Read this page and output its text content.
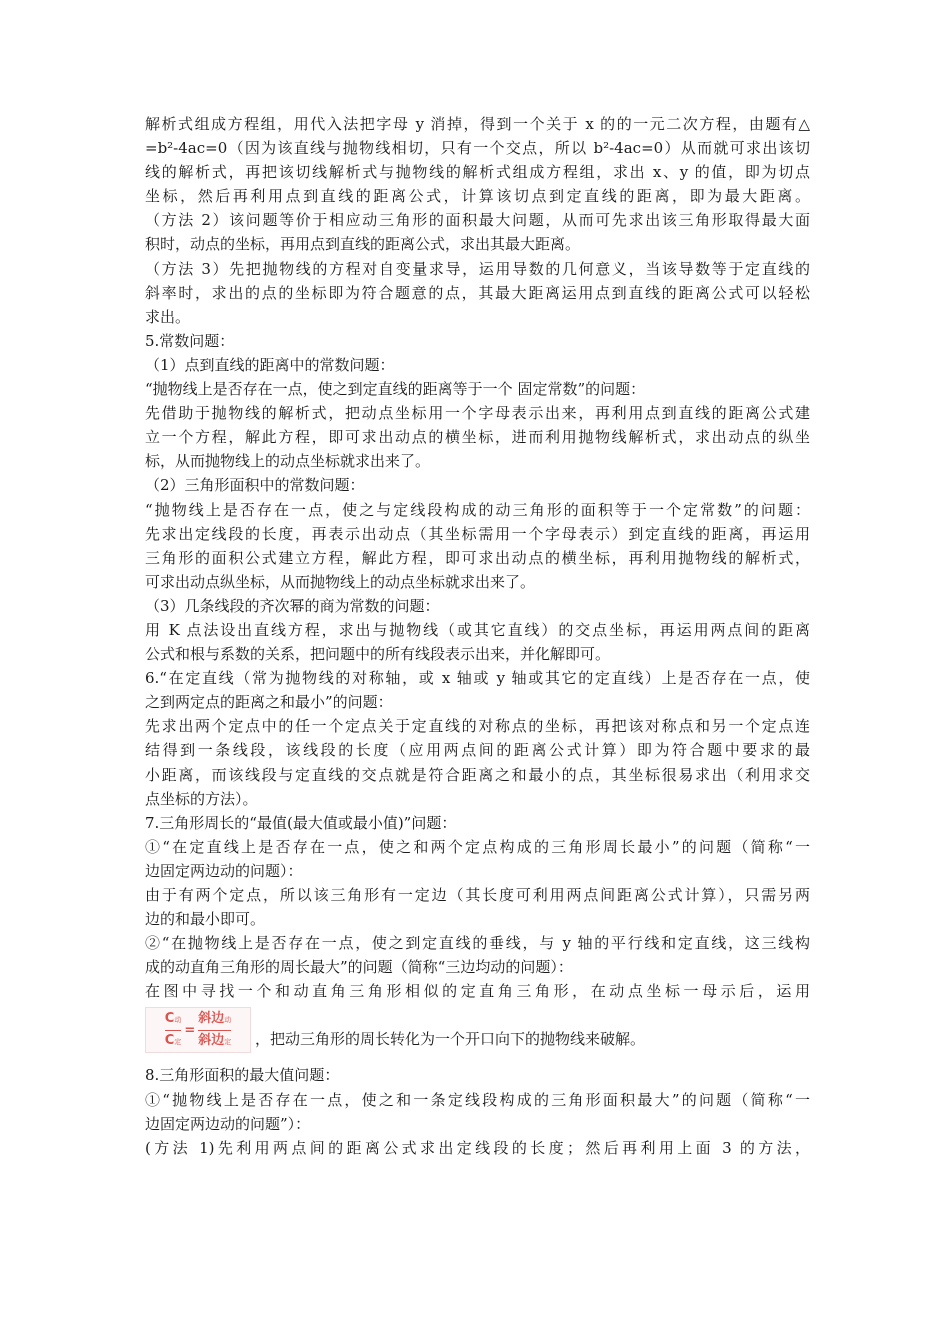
解析式组成方程组，用代入法把字母 y 消掉，得到一个关于 x 的的一元二次方程，由题有△
=b²-4ac=0（因为该直线与抛物线相切，只有一个交点，所以 b²-4ac=0）从而就可求出该切
线的解析式，再把该切线解析式与抛物线的解析式组成方程组，求出 x、y 的值，即为切点
坐标，然后再利用点到直线的距离公式，计算该切点到定直线的距离，即为最大距离。
（方法 2）该问题等价于相应动三角形的面积最大问题，从而可先求出该三角形取得最大面
积时，动点的坐标，再用点到直线的距离公式，求出其最大距离。
（方法 3）先把抛物线的方程对自变量求导，运用导数的几何意义，当该导数等于定直线的
斜率时，求出的点的坐标即为符合题意的点，其最大距离运用点到直线的距离公式可以轻松
求出。
5.常数问题：
（1）点到直线的距离中的常数问题：
“抛物线上是否存在一点，使之到定直线的距离等于一个 固定常数”的问题：
先借助于抛物线的解析式，把动点坐标用一个字母表示出来，再利用点到直线的距离公式建
立一个方程，解此方程，即可求出动点的横坐标，进而利用抛物线解析式，求出动点的纵坐
标，从而抛物线上的动点坐标就求出来了。
（2）三角形面积中的常数问题：
“抛物线上是否存在一点，使之与定线段构成的动三角形的面积等于一个定常数”的问题：
先求出定线段的长度，再表示出动点（其坐标需用一个字母表示）到定直线的距离，再运用
三角形的面积公式建立方程，解此方程，即可求出动点的横坐标，再利用抛物线的解析式，
可求出动点纵坐标，从而抛物线上的动点坐标就求出来了。
（3）几条线段的齐次幂的商为常数的问题：
用 K 点法设出直线方程，求出与抛物线（或其它直线）的交点坐标，再运用两点间的距离
公式和根与系数的关系，把问题中的所有线段表示出来，并化解即可。
6.“在定直线（常为抛物线的对称轴，或 x 轴或 y 轴或其它的定直线）上是否存在一点，使
之到两定点的距离之和最小”的问题：
先求出两个定点中的任一个定点关于定直线的对称点的坐标，再把该对称点和另一个定点连
结得到一条线段，该线段的长度（应用两点间的距离公式计算）即为符合题中要求的最
小距离，而该线段与定直线的交点就是符合距离之和最小的点，其坐标很易求出（利用求交
点坐标的方法）。
7.三角形周长的“最值(最大值或最小值)”问题：
①“在定直线上是否存在一点，使之和两个定点构成的三角形周长最小”的问题（简称“一
边固定两边动的问题）：
由于有两个定点，所以该三角形有一定边（其长度可利用两点间距离公式计算），只需另两
边的和最小即可。
②“在抛物线上是否存在一点，使之到定直线的垂线，与 y 轴的平行线和定直线，这三线构
成的动直角三角形的周长最大”的问题（简称“三边均动的问题）：
在图中寻找一个和动直角三角形相似的定直角三角形，在动点坐标一母示后，运用
$\frac{\text{C动}}{\text{C定}} = \frac{\text{斜边动}}{\text{斜边定}}$ ，把动三角形的周长转化为一个开口向下的抛物线来破解。
8.三角形面积的最大值问题：
①“抛物线上是否存在一点，使之和一条定线段构成的三角形面积最大”的问题（简称“一
边固定两边动的问题”）：
(方法 1)先利用两点间的距离公式求出定线段的长度；然后再利用上面 3 的方法，
